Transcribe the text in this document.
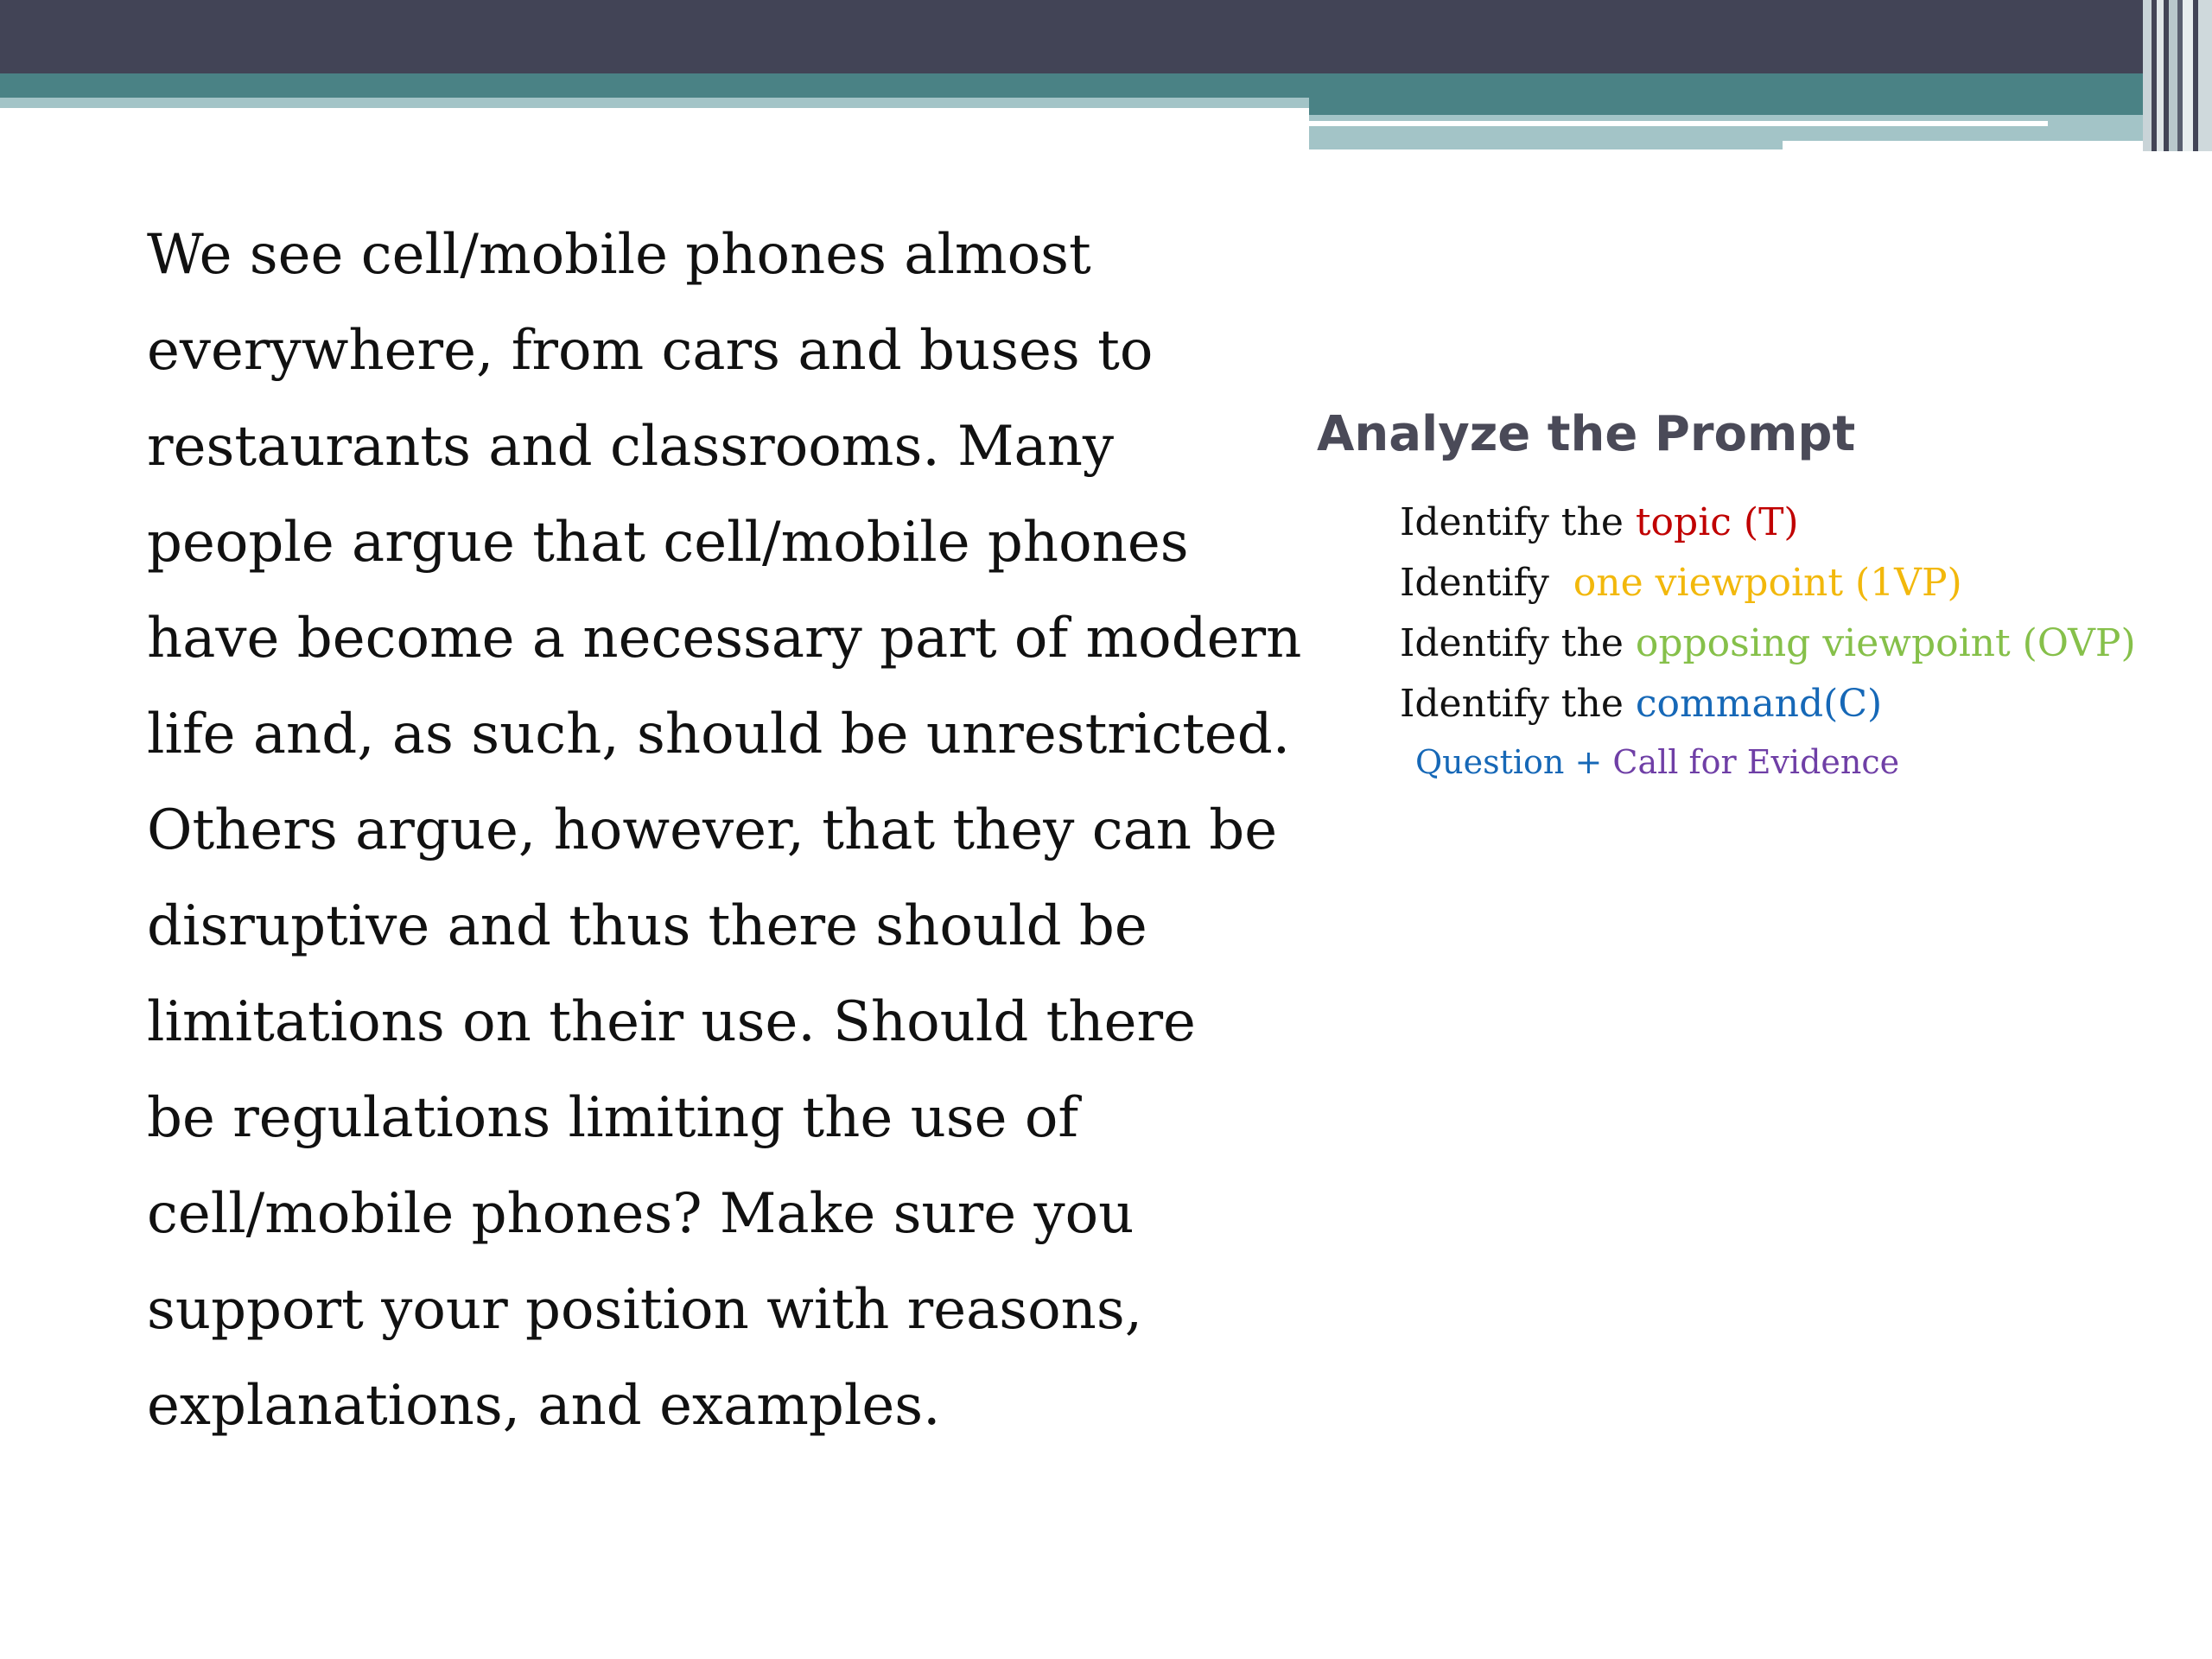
We see cell/mobile phones almost
everywhere, from cars and buses to
restaurants and classrooms. Many
people argue that cell/mobile phones
have become a necessary part of modern
life and, as such, should be unrestricted.
Others argue, however, that they can be
disruptive and thus there should be
limitations on their use. Should there
be regulations limiting the use of
cell/mobile phones? Make sure you
support your position with reasons,
explanations, and examples.

Analyze the Prompt
Identify the topic (T)
Identify  one viewpoint (1VP)
Identify the opposing viewpoint (OVP)
Identify the command(C)
Question + Call for Evidence
